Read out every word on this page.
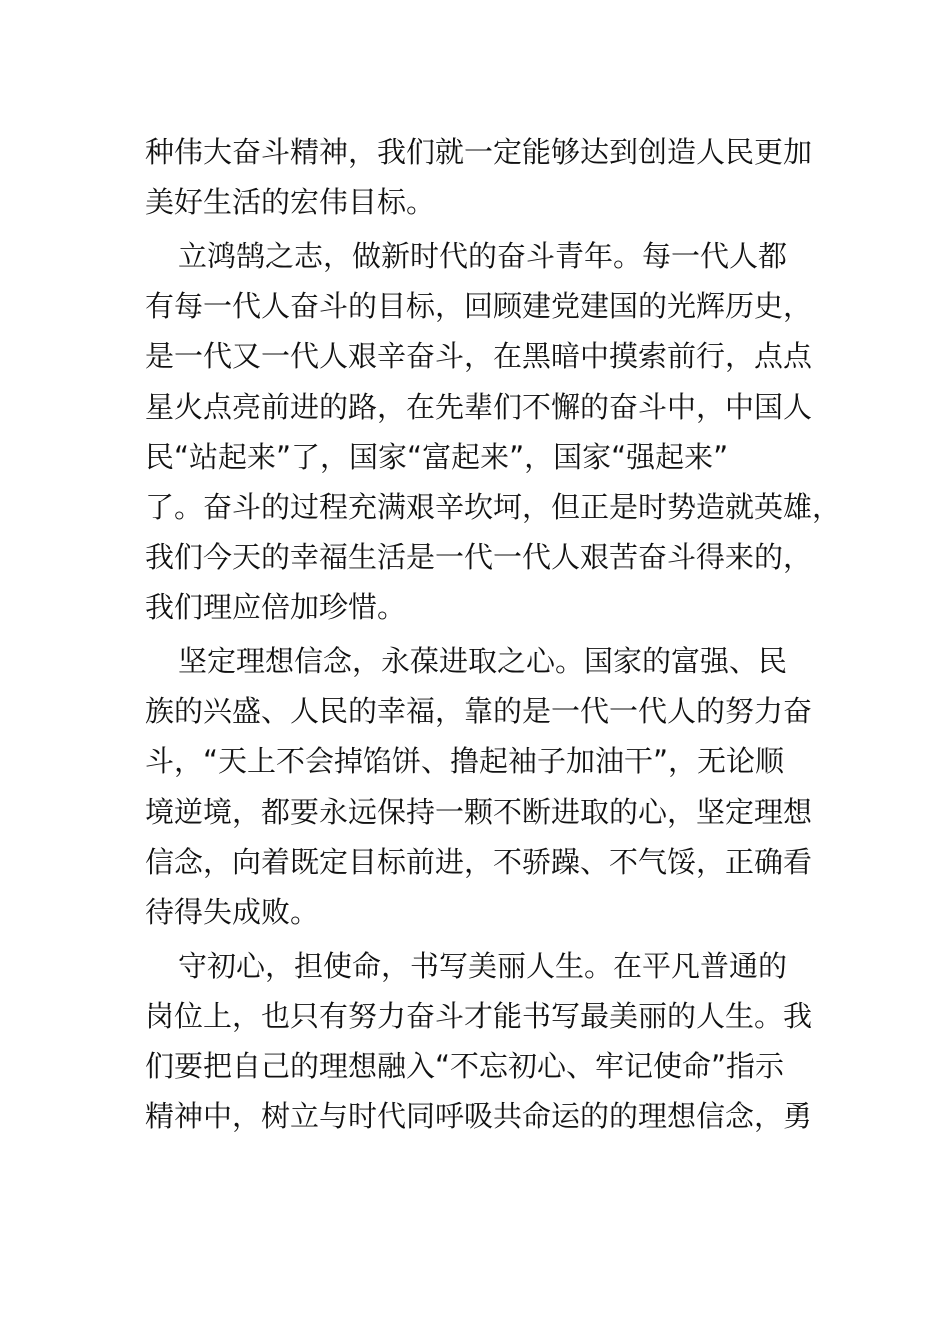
种伟大奋斗精神，我们就一定能够达到创造人民更加
美好生活的宏伟目标。
立鸿鹄之志，做新时代的奋斗青年。每一代人都
有每一代人奋斗的目标，回顾建党建国的光辉历史，
是一代又一代人艰辛奋斗，在黑暗中摸索前行，点点
星火点亮前进的路，在先辈们不懈的奋斗中，中国人
民“站起来”了，国家“富起来”，国家“强起来”
了。奋斗的过程充满艰辛坎坷，但正是时势造就英雄，
我们今天的幸福生活是一代一代人艰苦奋斗得来的，
我们理应倍加珍惜。
坚定理想信念，永葆进取之心。国家的富强、民
族的兴盛、人民的幸福，靠的是一代一代人的努力奋
斗，“天上不会掉馅饼、撸起袖子加油干”，无论顺
境逆境，都要永远保持一颗不断进取的心，坚定理想
信念，向着既定目标前进，不骄躁、不气馁，正确看
待得失成败。
守初心，担使命，书写美丽人生。在平凡普通的
岗位上，也只有努力奋斗才能书写最美丽的人生。我
们要把自己的理想融入“不忘初心、牢记使命”指示
精神中，树立与时代同呼吸共命运的的理想信念，勇
